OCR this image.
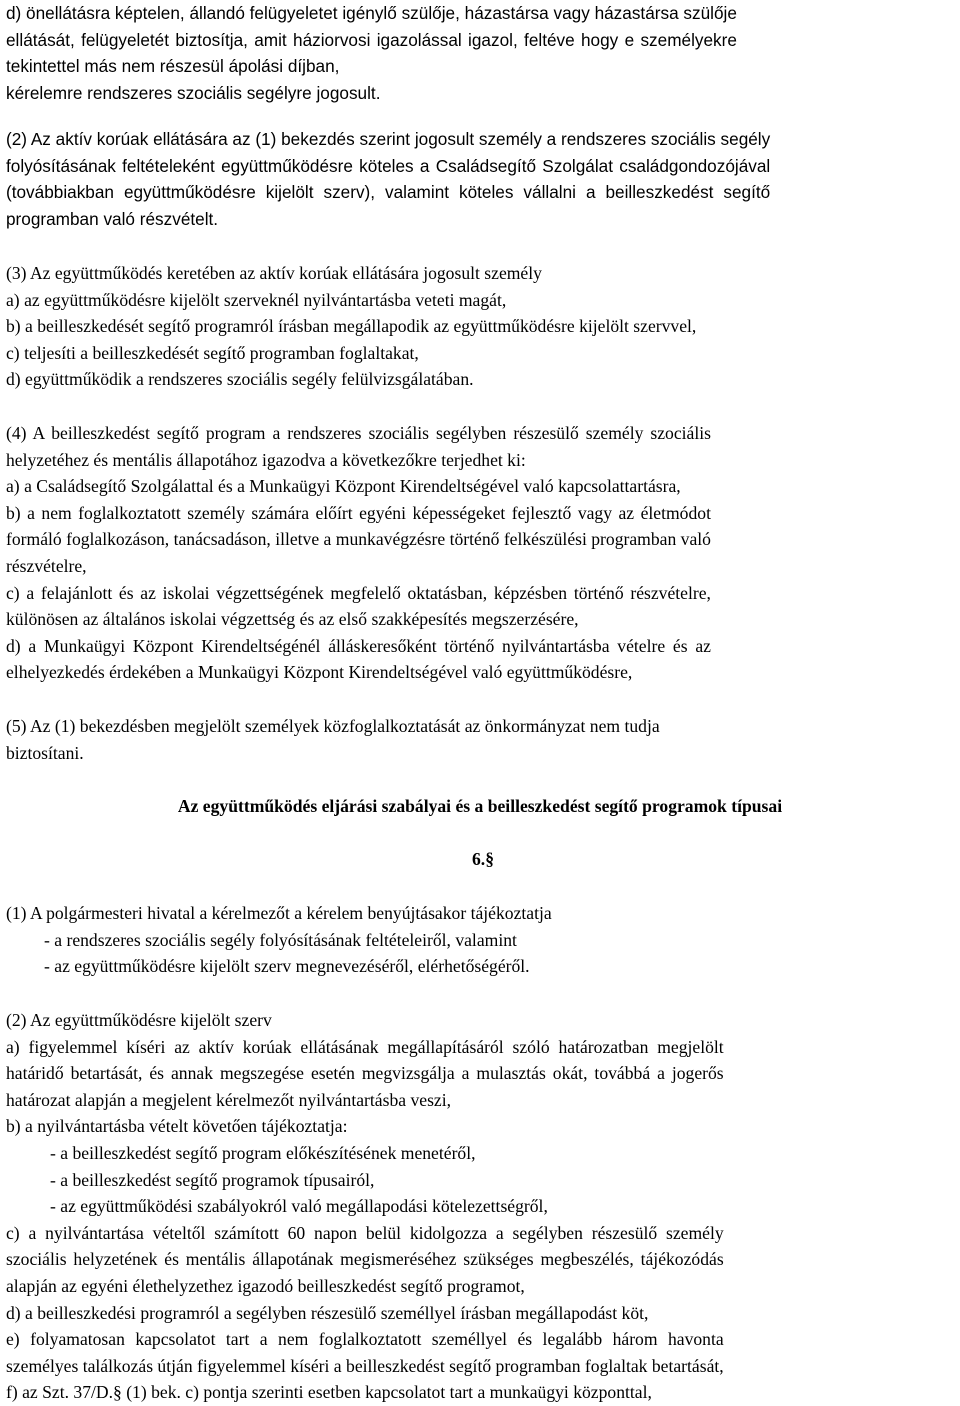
d) önellátásra képtelen, állandó felügyeletet igénylő szülője, házastársa vagy házastársa szülője
ellátását, felügyeletét biztosítja, amit háziorvosi igazolással igazol, feltéve hogy e személyekre
tekintettel más nem részesül ápolási díjban,
kérelemre rendszeres szociális segélyre jogosult.
(2) Az aktív korúak ellátására az (1) bekezdés szerint jogosult személy a rendszeres szociális segély
folyósításának feltételeként együttműködésre köteles a Családsegítő Szolgálat családgondozójával
(továbbiakban együttműködésre kijelölt szerv), valamint köteles vállalni a beilleszkedést segítő
programban való részvételt.
(3) Az együttműködés keretében az aktív korúak ellátására jogosult személy
a) az együttműködésre kijelölt szerveknél nyilvántartásba veteti magát,
b) a beilleszkedését segítő programról írásban megállapodik az együttműködésre kijelölt szervvel,
c) teljesíti a beilleszkedését segítő programban foglaltakat,
d) együttműködik a rendszeres szociális segély felülvizsgálatában.
(4) A beilleszkedést segítő program a rendszeres szociális segélyben részesülő személy szociális
helyzetéhez és mentális állapotához igazodva a következőkre terjedhet ki:
a) a Családsegítő Szolgálattal és a Munkaügyi Központ Kirendeltségével való kapcsolattartásra,
b) a nem foglalkoztatott személy számára előírt egyéni képességeket fejlesztő vagy az életmódot
formáló foglalkozáson, tanácsadáson, illetve a munkavégzésre történő felkészülési programban való
részvételre,
c) a felajánlott és az iskolai végzettségének megfelelő oktatásban, képzésben történő részvételre,
különösen az általános iskolai végzettség és az első szakképesítés megszerzésére,
d) a Munkaügyi Központ Kirendeltségénél álláskeresőként történő nyilvántartásba vételre és az
elhelyezkedés érdekében a Munkaügyi Központ Kirendeltségével való együttműködésre,
(5) Az (1) bekezdésben megjelölt személyek közfoglalkoztatását az önkormányzat nem tudja
biztosítani.
Az együttműködés eljárási szabályai és a beilleszkedést segítő programok típusai
6.§
(1) A polgármesteri hivatal a kérelmezőt a kérelem benyújtásakor tájékoztatja
- a rendszeres szociális segély folyósításának feltételeiről, valamint
- az együttműködésre kijelölt szerv megnevezéséről, elérhetőségéről.
(2) Az együttműködésre kijelölt szerv
a) figyelemmel kíséri az aktív korúak ellátásának megállapításáról szóló határozatban megjelölt
határidő betartását, és annak megszegése esetén megvizsgálja a mulasztás okát, továbbá a jogerős
határozat alapján a megjelent kérelmezőt nyilvántartásba veszi,
b) a nyilvántartásba vételt követően tájékoztatja:
- a beilleszkedést segítő program előkészítésének menetéről,
- a beilleszkedést segítő programok típusairól,
- az együttműködési szabályokról való megállapodási kötelezettségről,
c) a nyilvántartása vételtől számított 60 napon belül kidolgozza a segélyben részesülő személy
szociális helyzetének és mentális állapotának megismeréséhez szükséges megbeszélés, tájékozódás
alapján az egyéni élethelyzethez igazodó beilleszkedést segítő programot,
d) a beilleszkedési programról a segélyben részesülő személlyel írásban megállapodást köt,
e) folyamatosan kapcsolatot tart a nem foglalkoztatott személlyel és legalább három havonta
személyes találkozás útján figyelemmel kíséri a beilleszkedést segítő programban foglaltak betartását,
f) az Szt. 37/D.§ (1) bek. c) pontja szerinti esetben kapcsolatot tart a munkaügyi központtal,
